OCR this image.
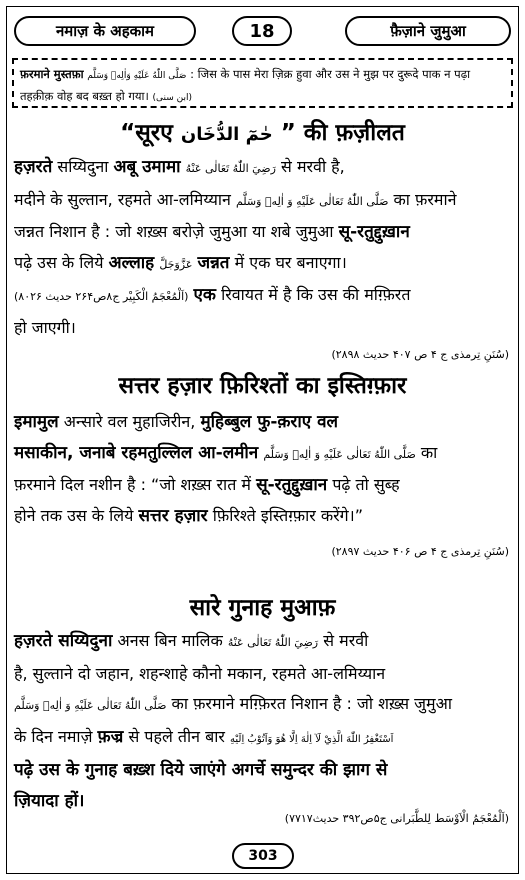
नमाज़ के अहकाम	18	फ़ैज़ाने जुमुआ
फ़रमाने मुस्तफ़ा صَلَّى اللّٰهُ عَلَيْهِ وَاٰلِهٖ وَسَلَّم : जिस के पास मेरा ज़िक्र हुवा और उस ने मुझ पर दुरूदे पाक न पढ़ा तहक़ीक़ वोह बद बख़्त हो गया। (ابن سنی)
“सूरए حٰمٓ الدُّخَان ” की फ़ज़ीलत
हज़रते सय्यिदुना अबू उमामा رَضِيَ اللّٰهُ تَعَالٰى عَنْهُ से मरवी है,
मदीने के सुल्तान, रहमते आ-लमिय्यान صَلَّى اللّٰهُ تَعَالٰى عَلَيْهِ وَ اٰلِهٖ وَسَلَّم का फ़रमाने
जन्नत निशान है : जो शख़्स बरोज़े जुमुआ या शबे जुमुआ सू-रतुद्दुख़ान
पढ़े उस के लिये अल्लाह عَزَّوَجَلَّ जन्नत में एक घर बनाएगा।
(اَلْمُعْجَمُ الْكَبِيْر ج۸ص۲۶۴ حديث ۸۰۲۶) एक रिवायत में है कि उस की मग़्फ़िरत
हो जाएगी।
(سُنَنِ تِرمذی ج ۴ ص ۴۰۷ حديث ۲۸۹۸)
सत्तर हज़ार फ़िरिश्तों का इस्तिग़्फ़ार
इमामुल अन्सारे वल मुहाजिरीन, मुहिब्बुल फु-क़राए वल
मसाकीन, जनाबे रहमतुल्लिल आ-लमीन صَلَّى اللّٰهُ تَعَالٰى عَلَيْهِ وَ اٰلِهٖ وَسَلَّم का
फ़रमाने दिल नशीन है : “जो शख़्स रात में सू-रतुद्दुख़ान पढ़े तो सुब्ह
होने तक उस के लिये सत्तर हज़ार फ़िरिश्ते इस्तिग़्फ़ार करेंगे।”
(سُنَنِ تِرمذی ج ۴ ص ۴۰۶ حديث ۲۸۹۷)
सारे गुनाह मुआफ़
हज़रते सय्यिदुना अनस बिन मालिक رَضِيَ اللّٰهُ تَعَالٰى عَنْهُ से मरवी
है, सुल्ताने दो जहान, शहन्शाहे कौनो मकान, रहमते आ-लमिय्यान
صَلَّى اللّٰهُ تَعَالٰى عَلَيْهِ وَ اٰلِهٖ وَسَلَّم का फ़रमाने मग़्फ़िरत निशान है : जो शख़्स जुमुआ
के दिन नमाज़े फ़ज्र से पहले तीन बार اَسْتَغْفِرُ اللّٰهَ الَّذِيْ لَآ اِلٰهَ اِلَّا هُوَ وَاَتُوْبُ اِلَيْهِ
पढ़े उस के गुनाह बख़्श दिये जाएंगे अगर्चे समुन्दर की झाग से
ज़ियादा हों।
(اَلْمُعْجَمُ الْاَوْسَط لِلطَّبَرانی ج۵ص۳۹۲ حديث۷۷۱۷)
303
